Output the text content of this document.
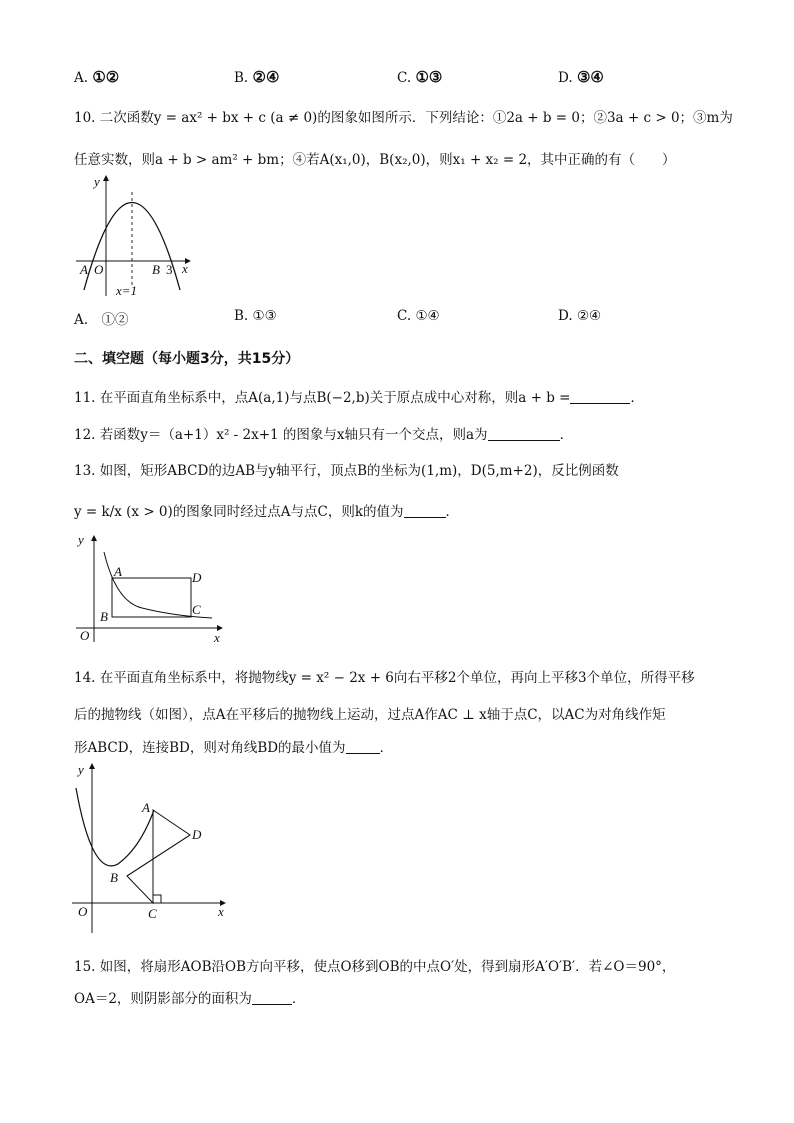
A. ①②	B. ②④	C. ①③	D. ③④
10. 二次函数y = ax² + bx + c (a ≠ 0)的图象如图所示．下列结论：①2a + b = 0；②3a + c > 0；③m为
任意实数，则a + b > am² + bm；④若A(x₁,0)，B(x₂,0)，则x₁ + x₂ = 2，其中正确的有（　　）
y
x
A O	B 3
x=1
A.　 ①②	B. ①③	C. ①④	D. ②④
二、填空题（每小题3分，共15分）
11. 在平面直角坐标系中，点A(a,1)与点B(−2,b)关于原点成中心对称，则a + b =	．
12. 若函数y＝（a+1）x² - 2x+1 的图象与x轴只有一个交点，则a为	．
13. 如图，矩形ABCD的边AB与y轴平行，顶点B的坐标为(1,m)，D(5,m+2)，反比例函数
y = k/x (x > 0)的图象同时经过点A与点C，则k的值为	．
y
x
O
A
B	C
D
14. 在平面直角坐标系中，将抛物线y = x² − 2x + 6向右平移2个单位，再向上平移3个单位，所得平移
后的抛物线（如图），点A在平移后的抛物线上运动，过点A作AC ⊥ x轴于点C，以AC为对角线作矩
形ABCD，连接BD，则对角线BD的最小值为	．
y
x
O
A
B
C
D
15. 如图，将扇形AOB沿OB方向平移，使点O移到OB的中点O′处，得到扇形A′O′B′．若∠O＝90°，
OA＝2，则阴影部分的面积为	．
